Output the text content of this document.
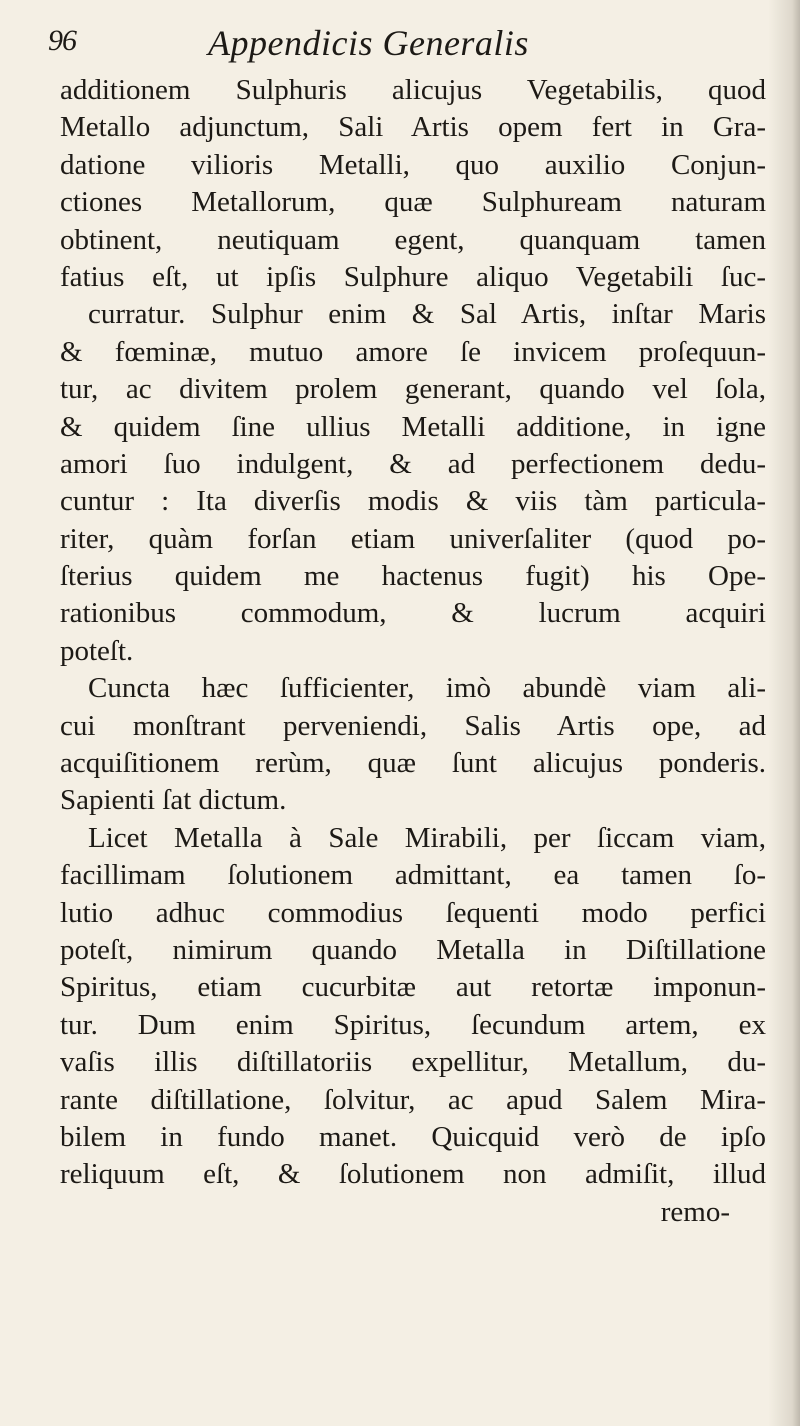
96	Appendicis Generalis
additionem Sulphuris alicujus Vegetabilis, quod
Metallo adjunctum, Sali Artis opem fert in Gra-
datione vilioris Metalli, quo auxilio Conjun-
ctiones Metallorum, quæ Sulphuream naturam
obtinent, neutiquam egent, quanquam tamen
fatius eſt, ut ipſis Sulphure aliquo Vegetabili ſuc-
curratur. Sulphur enim & Sal Artis, inſtar Maris
& fœminæ, mutuo amore ſe invicem proſequun-
tur, ac divitem prolem generant, quando vel ſola,
& quidem ſine ullius Metalli additione, in igne
amori ſuo indulgent, & ad perfectionem dedu-
cuntur : Ita diverſis modis & viis tàm particula-
riter, quàm forſan etiam univerſaliter (quod po-
ſterius quidem me hactenus fugit) his Ope-
rationibus commodum, & lucrum acquiri
poteſt.
Cuncta hæc ſufficienter, imò abundè viam ali-
cui monſtrant perveniendi, Salis Artis ope, ad
acquiſitionem rerùm, quæ ſunt alicujus ponderis.
Sapienti ſat dictum.
Licet Metalla à Sale Mirabili, per ſiccam viam,
facillimam ſolutionem admittant, ea tamen ſo-
lutio adhuc commodius ſequenti modo perfici
poteſt, nimirum quando Metalla in Diſtillatione
Spiritus, etiam cucurbitæ aut retortæ imponun-
tur. Dum enim Spiritus, ſecundum artem, ex
vaſis illis diſtillatoriis expellitur, Metallum, du-
rante diſtillatione, ſolvitur, ac apud Salem Mira-
bilem in fundo manet. Quicquid verò de ipſo
reliquum eſt, & ſolutionem non admiſit, illud
remo-
